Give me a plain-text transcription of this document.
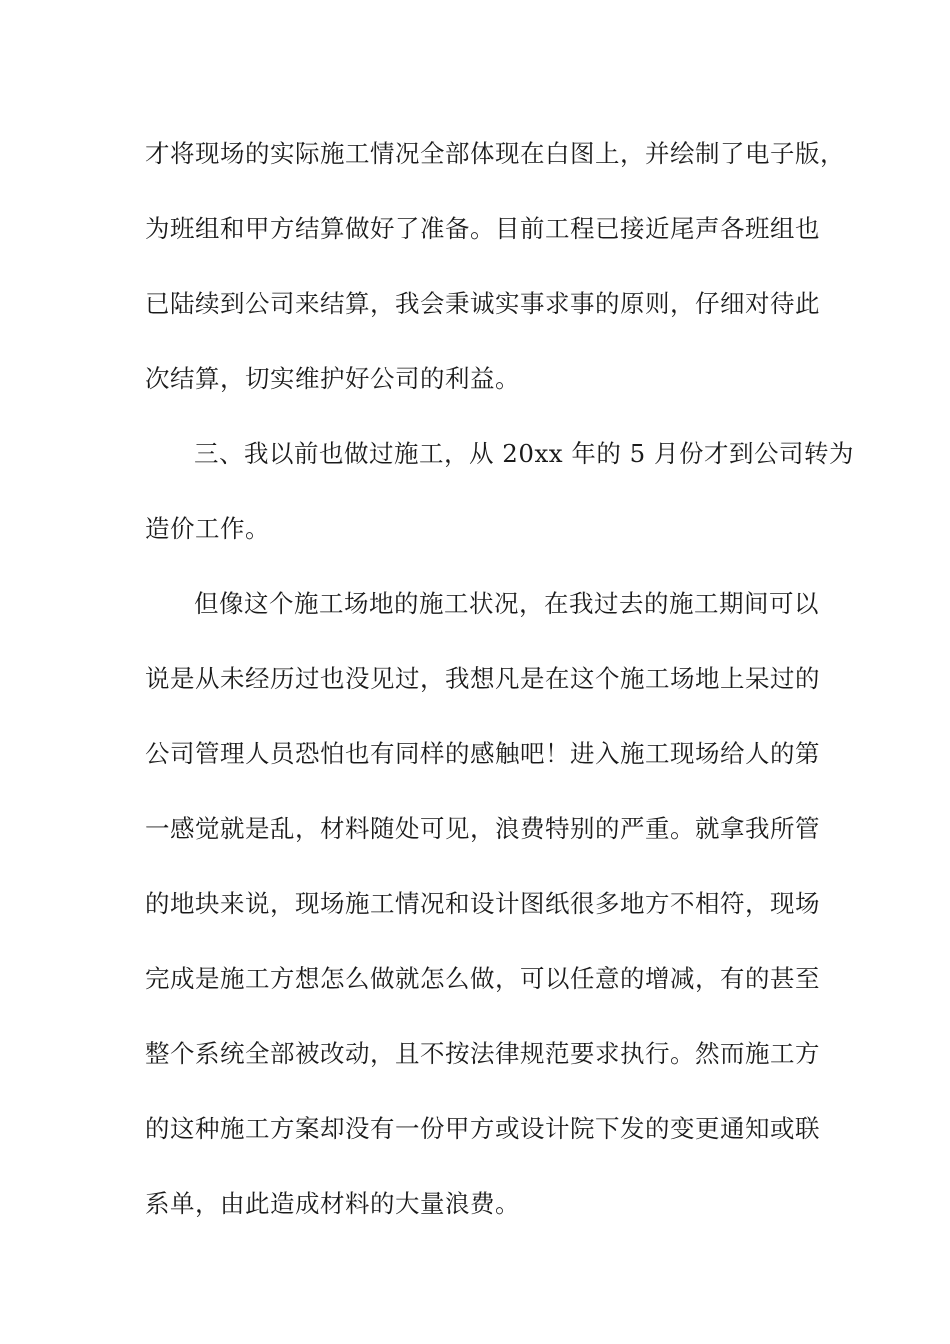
才将现场的实际施工情况全部体现在白图上，并绘制了电子版，
为班组和甲方结算做好了准备。目前工程已接近尾声各班组也
已陆续到公司来结算，我会秉诚实事求事的原则，仔细对待此
次结算，切实维护好公司的利益。
三、我以前也做过施工，从 20xx 年的 5 月份才到公司转为
造价工作。
但像这个施工场地的施工状况，在我过去的施工期间可以
说是从未经历过也没见过，我想凡是在这个施工场地上呆过的
公司管理人员恐怕也有同样的感触吧！进入施工现场给人的第
一感觉就是乱，材料随处可见，浪费特别的严重。就拿我所管
的地块来说，现场施工情况和设计图纸很多地方不相符，现场
完成是施工方想怎么做就怎么做，可以任意的增减，有的甚至
整个系统全部被改动，且不按法律规范要求执行。然而施工方
的这种施工方案却没有一份甲方或设计院下发的变更通知或联
系单，由此造成材料的大量浪费。
